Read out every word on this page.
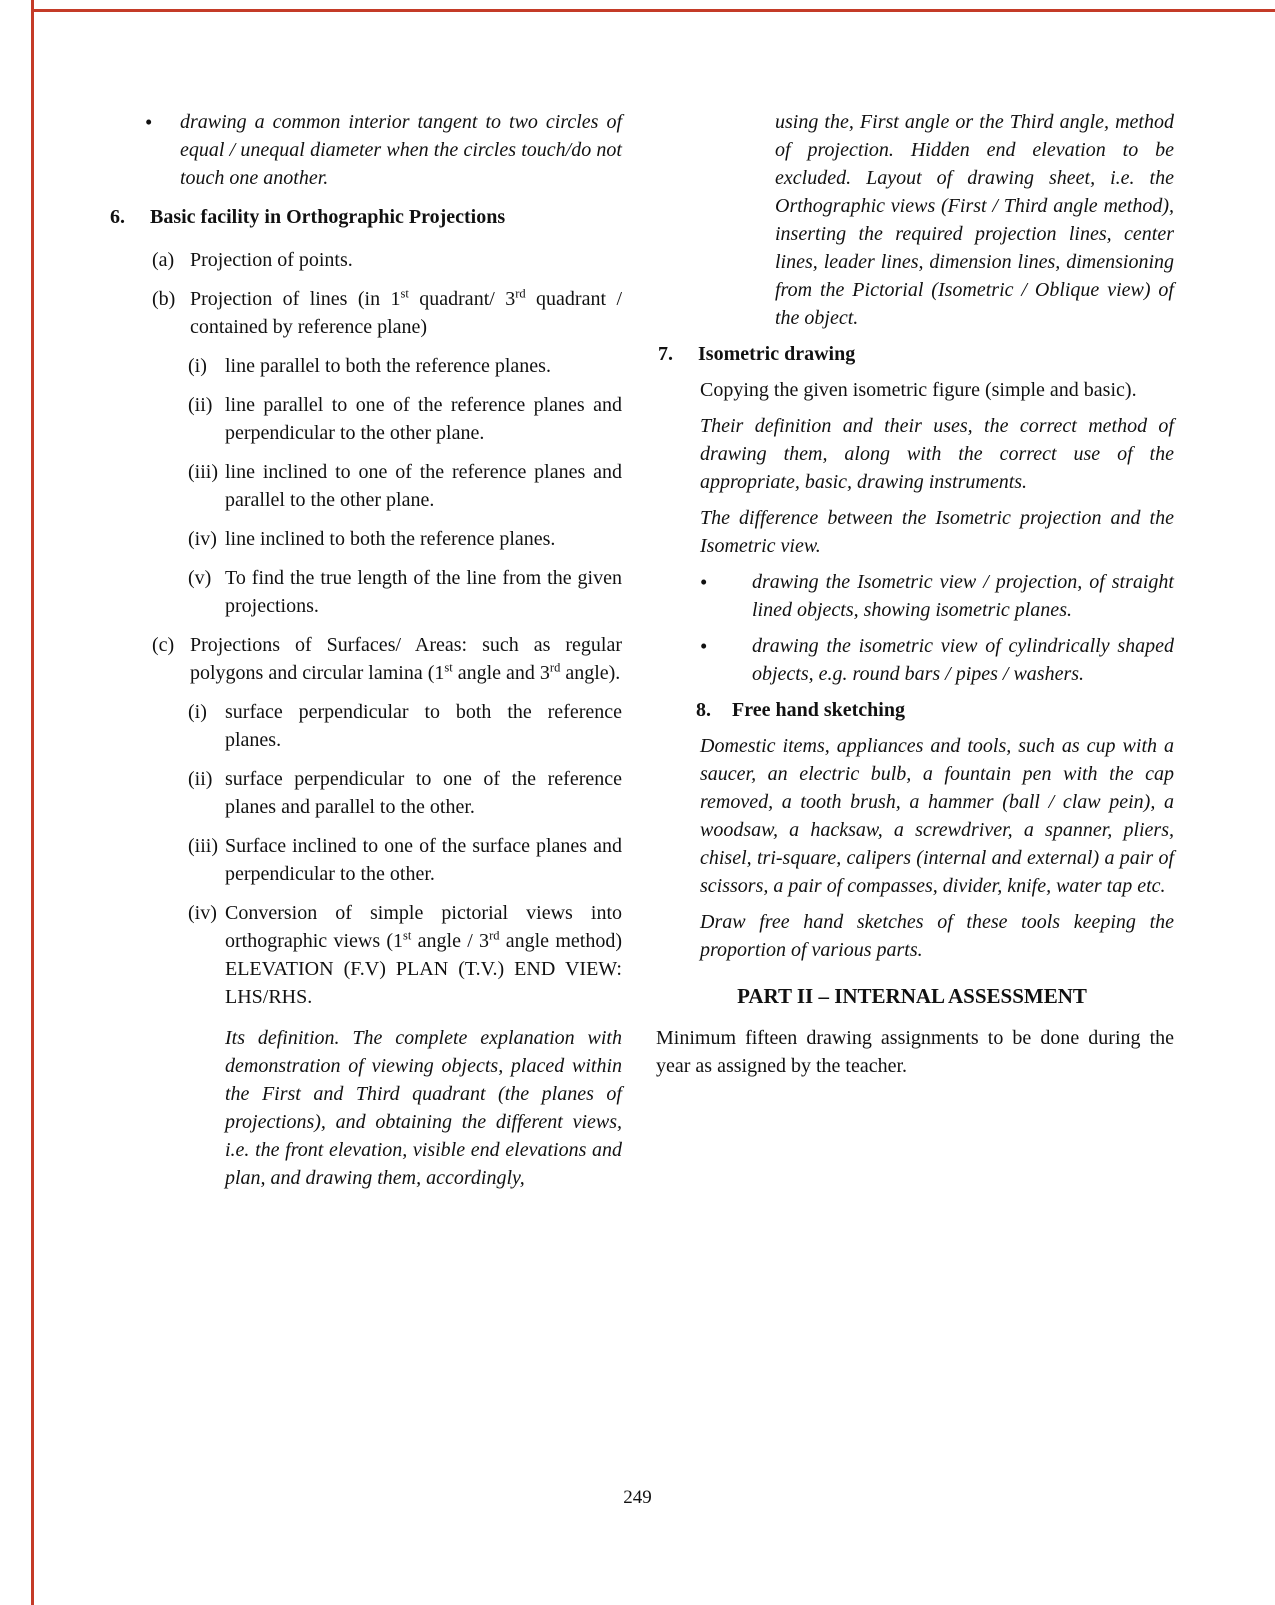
•	drawing a common interior tangent to two circles of equal / unequal diameter when the circles touch/do not touch one another.
6.	Basic facility in Orthographic Projections
(a) Projection of points.
(b) Projection of lines (in 1st quadrant/ 3rd quadrant / contained by reference plane)
(i) line parallel to both the reference planes.
(ii) line parallel to one of the reference planes and perpendicular to the other plane.
(iii) line inclined to one of the reference planes and parallel to the other plane.
(iv) line inclined to both the reference planes.
(v) To find the true length of the line from the given projections.
(c) Projections of Surfaces/ Areas: such as regular polygons and circular lamina (1st angle and 3rd angle).
(i) surface perpendicular to both the reference planes.
(ii) surface perpendicular to one of the reference planes and parallel to the other.
(iii) Surface inclined to one of the surface planes and perpendicular to the other.
(iv) Conversion of simple pictorial views into orthographic views (1st angle / 3rd angle method) ELEVATION (F.V) PLAN (T.V.) END VIEW: LHS/RHS.
Its definition. The complete explanation with demonstration of viewing objects, placed within the First and Third quadrant (the planes of projections), and obtaining the different views, i.e. the front elevation, visible end elevations and plan, and drawing them, accordingly,
using the, First angle or the Third angle, method of projection. Hidden end elevation to be excluded. Layout of drawing sheet, i.e. the Orthographic views (First / Third angle method), inserting the required projection lines, center lines, leader lines, dimension lines, dimensioning from the Pictorial (Isometric / Oblique view) of the object.
7.	Isometric drawing
Copying the given isometric figure (simple and basic).
Their definition and their uses, the correct method of drawing them, along with the correct use of the appropriate, basic, drawing instruments.
The difference between the Isometric projection and the Isometric view.
•	drawing the Isometric view / projection, of straight lined objects, showing isometric planes.
•	drawing the isometric view of cylindrically shaped objects, e.g. round bars / pipes / washers.
8.	Free hand sketching
Domestic items, appliances and tools, such as cup with a saucer, an electric bulb, a fountain pen with the cap removed, a tooth brush, a hammer (ball / claw pein), a woodsaw, a hacksaw, a screwdriver, a spanner, pliers, chisel, tri-square, calipers (internal and external) a pair of scissors, a pair of compasses, divider, knife, water tap etc.
Draw free hand sketches of these tools keeping the proportion of various parts.
PART II – INTERNAL ASSESSMENT
Minimum fifteen drawing assignments to be done during the year as assigned by the teacher.
249
